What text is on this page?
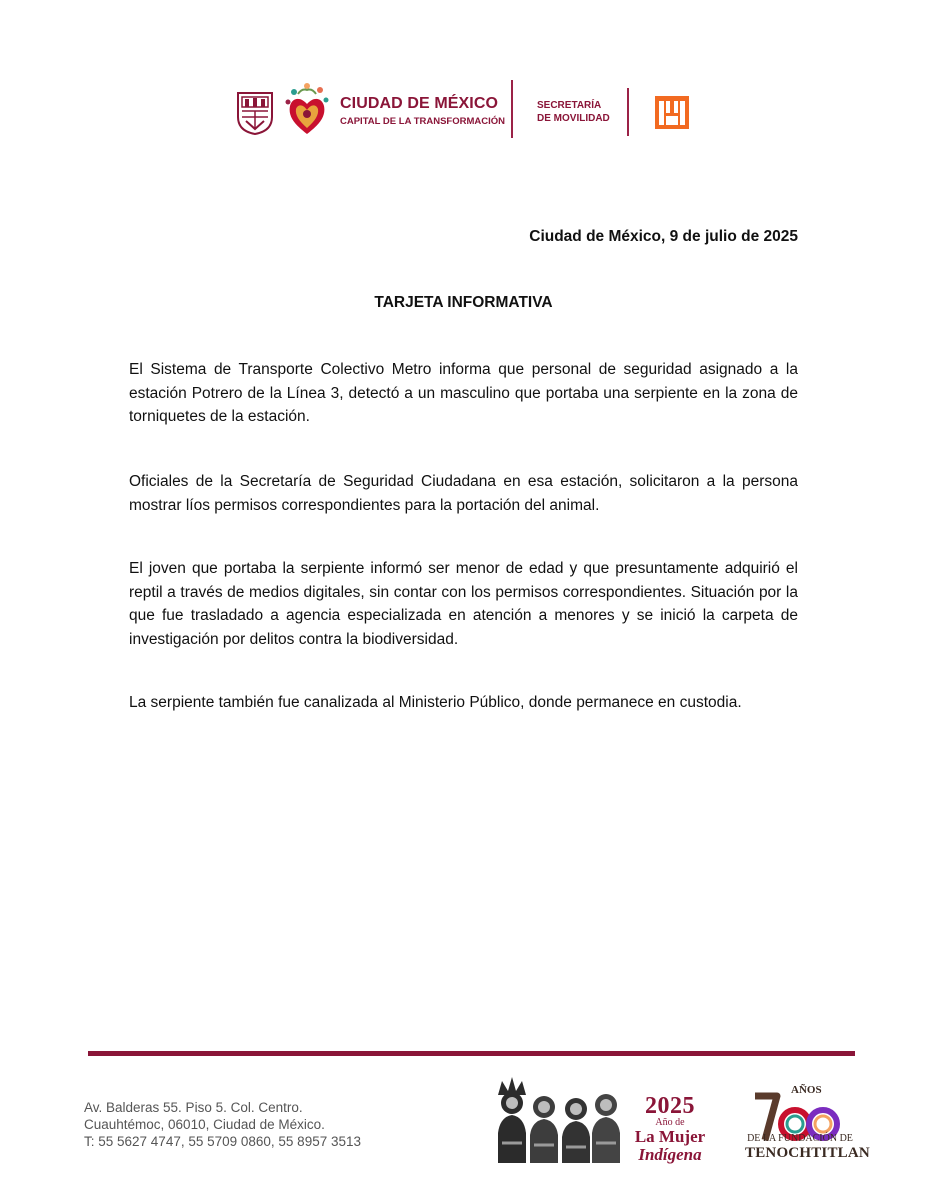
CIUDAD DE MÉXICO
CAPITAL DE LA TRANSFORMACIÓN
SECRETARÍA
DE MOVILIDAD
Ciudad de México, 9 de julio de 2025
TARJETA INFORMATIVA

El Sistema de Transporte Colectivo Metro informa que personal de seguridad asignado a la estación Potrero de la Línea 3, detectó a un masculino que portaba una serpiente en la zona de torniquetes de la estación.

Oficiales de la Secretaría de Seguridad Ciudadana en esa estación, solicitaron a la persona mostrar líos permisos correspondientes para la portación del animal.

El joven que portaba la serpiente informó ser menor de edad y que presuntamente adquirió el reptil a través de medios digitales, sin contar con los permisos correspondientes. Situación por la que fue trasladado a agencia especializada en atención a menores y se inició la carpeta de investigación por delitos contra la biodiversidad.

La serpiente también fue canalizada al Ministerio Público, donde permanece en custodia.

Av. Balderas 55. Piso 5. Col. Centro.
Cuauhtémoc, 06010, Ciudad de México.
T: 55 5627 4747, 55 5709 0860, 55 8957 3513
2025
Año de
La Mujer
Indígena
AÑOS
DE LA FUNDACIÓN DE
TENOCHTITLAN
